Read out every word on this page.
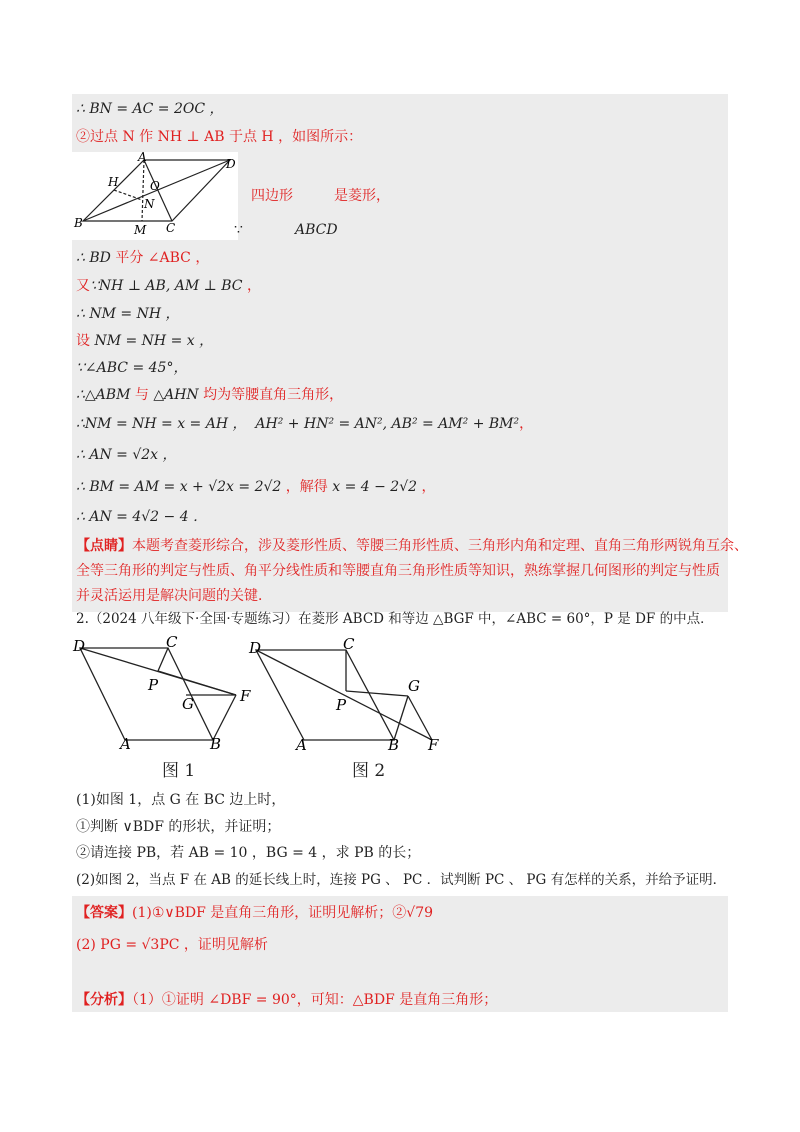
∴ BN = AC = 2OC ，
②过点 N 作 NH ⊥ AB 于点 H ，如图所示：
A	D
H	O
N
B	M C
四边形	是菱形，
∵	ABCD
∴ BD 平分 ∠ABC ，
又∵NH ⊥ AB, AM ⊥ BC ，
∴ NM = NH ，
设 NM = NH = x ，
∵∠ABC = 45°，
∴△ABM 与 △AHN 均为等腰直角三角形，
∴NM = NH = x = AH ， AH² + HN² = AN², AB² = AM² + BM²，
∴ AN = √2x ，
∴ BM = AM = x + √2x = 2√2 ，解得 x = 4 − 2√2 ，
∴ AN = 4√2 − 4 ．
【点睛】本题考查菱形综合，涉及菱形性质、等腰三角形性质、三角形内角和定理、直角三角形两锐角互余、
全等三角形的判定与性质、角平分线性质和等腰直角三角形性质等知识，熟练掌握几何图形的判定与性质
并灵活运用是解决问题的关键．
2.（2024 八年级下·全国·专题练习）在菱形 ABCD 和等边 △BGF 中，∠ABC = 60°，P 是 DF 的中点．
D	C
P
F
G
A	B
图 1
D	C
G
P
A	B F
图 2
(1)如图 1，点 G 在 BC 边上时，
①判断 ∨BDF 的形状，并证明；
②请连接 PB，若 AB = 10 ，BG = 4 ，求 PB 的长；
(2)如图 2，当点 F 在 AB 的延长线上时，连接 PG 、 PC ．试判断 PC 、 PG 有怎样的关系，并给予证明．
【答案】(1)①∨BDF 是直角三角形，证明见解析；②√79
(2) PG = √3PC ，证明见解析
【分析】（1）①证明 ∠DBF = 90°，可知：△BDF 是直角三角形；
